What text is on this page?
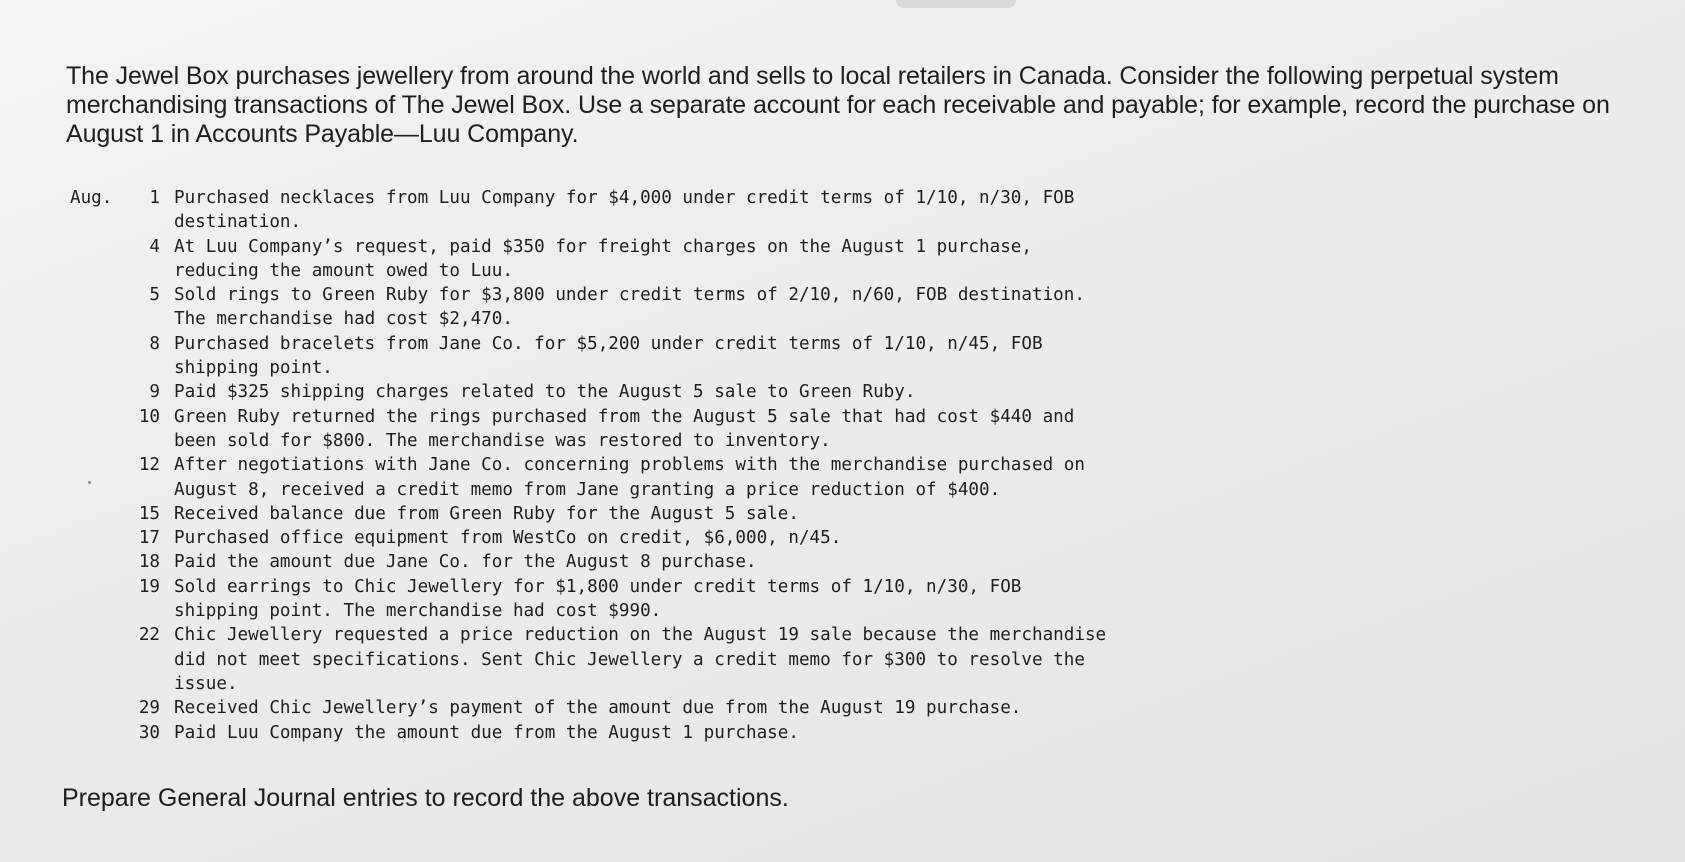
The Jewel Box purchases jewellery from around the world and sells to local retailers in Canada. Consider the following perpetual system merchandising transactions of The Jewel Box. Use a separate account for each receivable and payable; for example, record the purchase on August 1 in Accounts Payable—Luu Company.

Aug.	1 Purchased necklaces from Luu Company for $4,000 under credit terms of 1/10, n/30, FOB
destination.
4 At Luu Company’s request, paid $350 for freight charges on the August 1 purchase,
reducing the amount owed to Luu.
5 Sold rings to Green Ruby for $3,800 under credit terms of 2/10, n/60, FOB destination.
The merchandise had cost $2,470.
8 Purchased bracelets from Jane Co. for $5,200 under credit terms of 1/10, n/45, FOB
shipping point.
9 Paid $325 shipping charges related to the August 5 sale to Green Ruby.
10 Green Ruby returned the rings purchased from the August 5 sale that had cost $440 and
been sold for $800. The merchandise was restored to inventory.
12 After negotiations with Jane Co. concerning problems with the merchandise purchased on
August 8, received a credit memo from Jane granting a price reduction of $400.
15 Received balance due from Green Ruby for the August 5 sale.
17 Purchased office equipment from WestCo on credit, $6,000, n/45.
18 Paid the amount due Jane Co. for the August 8 purchase.
19 Sold earrings to Chic Jewellery for $1,800 under credit terms of 1/10, n/30, FOB
shipping point. The merchandise had cost $990.
22 Chic Jewellery requested a price reduction on the August 19 sale because the merchandise
did not meet specifications. Sent Chic Jewellery a credit memo for $300 to resolve the
issue.
29 Received Chic Jewellery’s payment of the amount due from the August 19 purchase.
30 Paid Luu Company the amount due from the August 1 purchase.

Prepare General Journal entries to record the above transactions.
